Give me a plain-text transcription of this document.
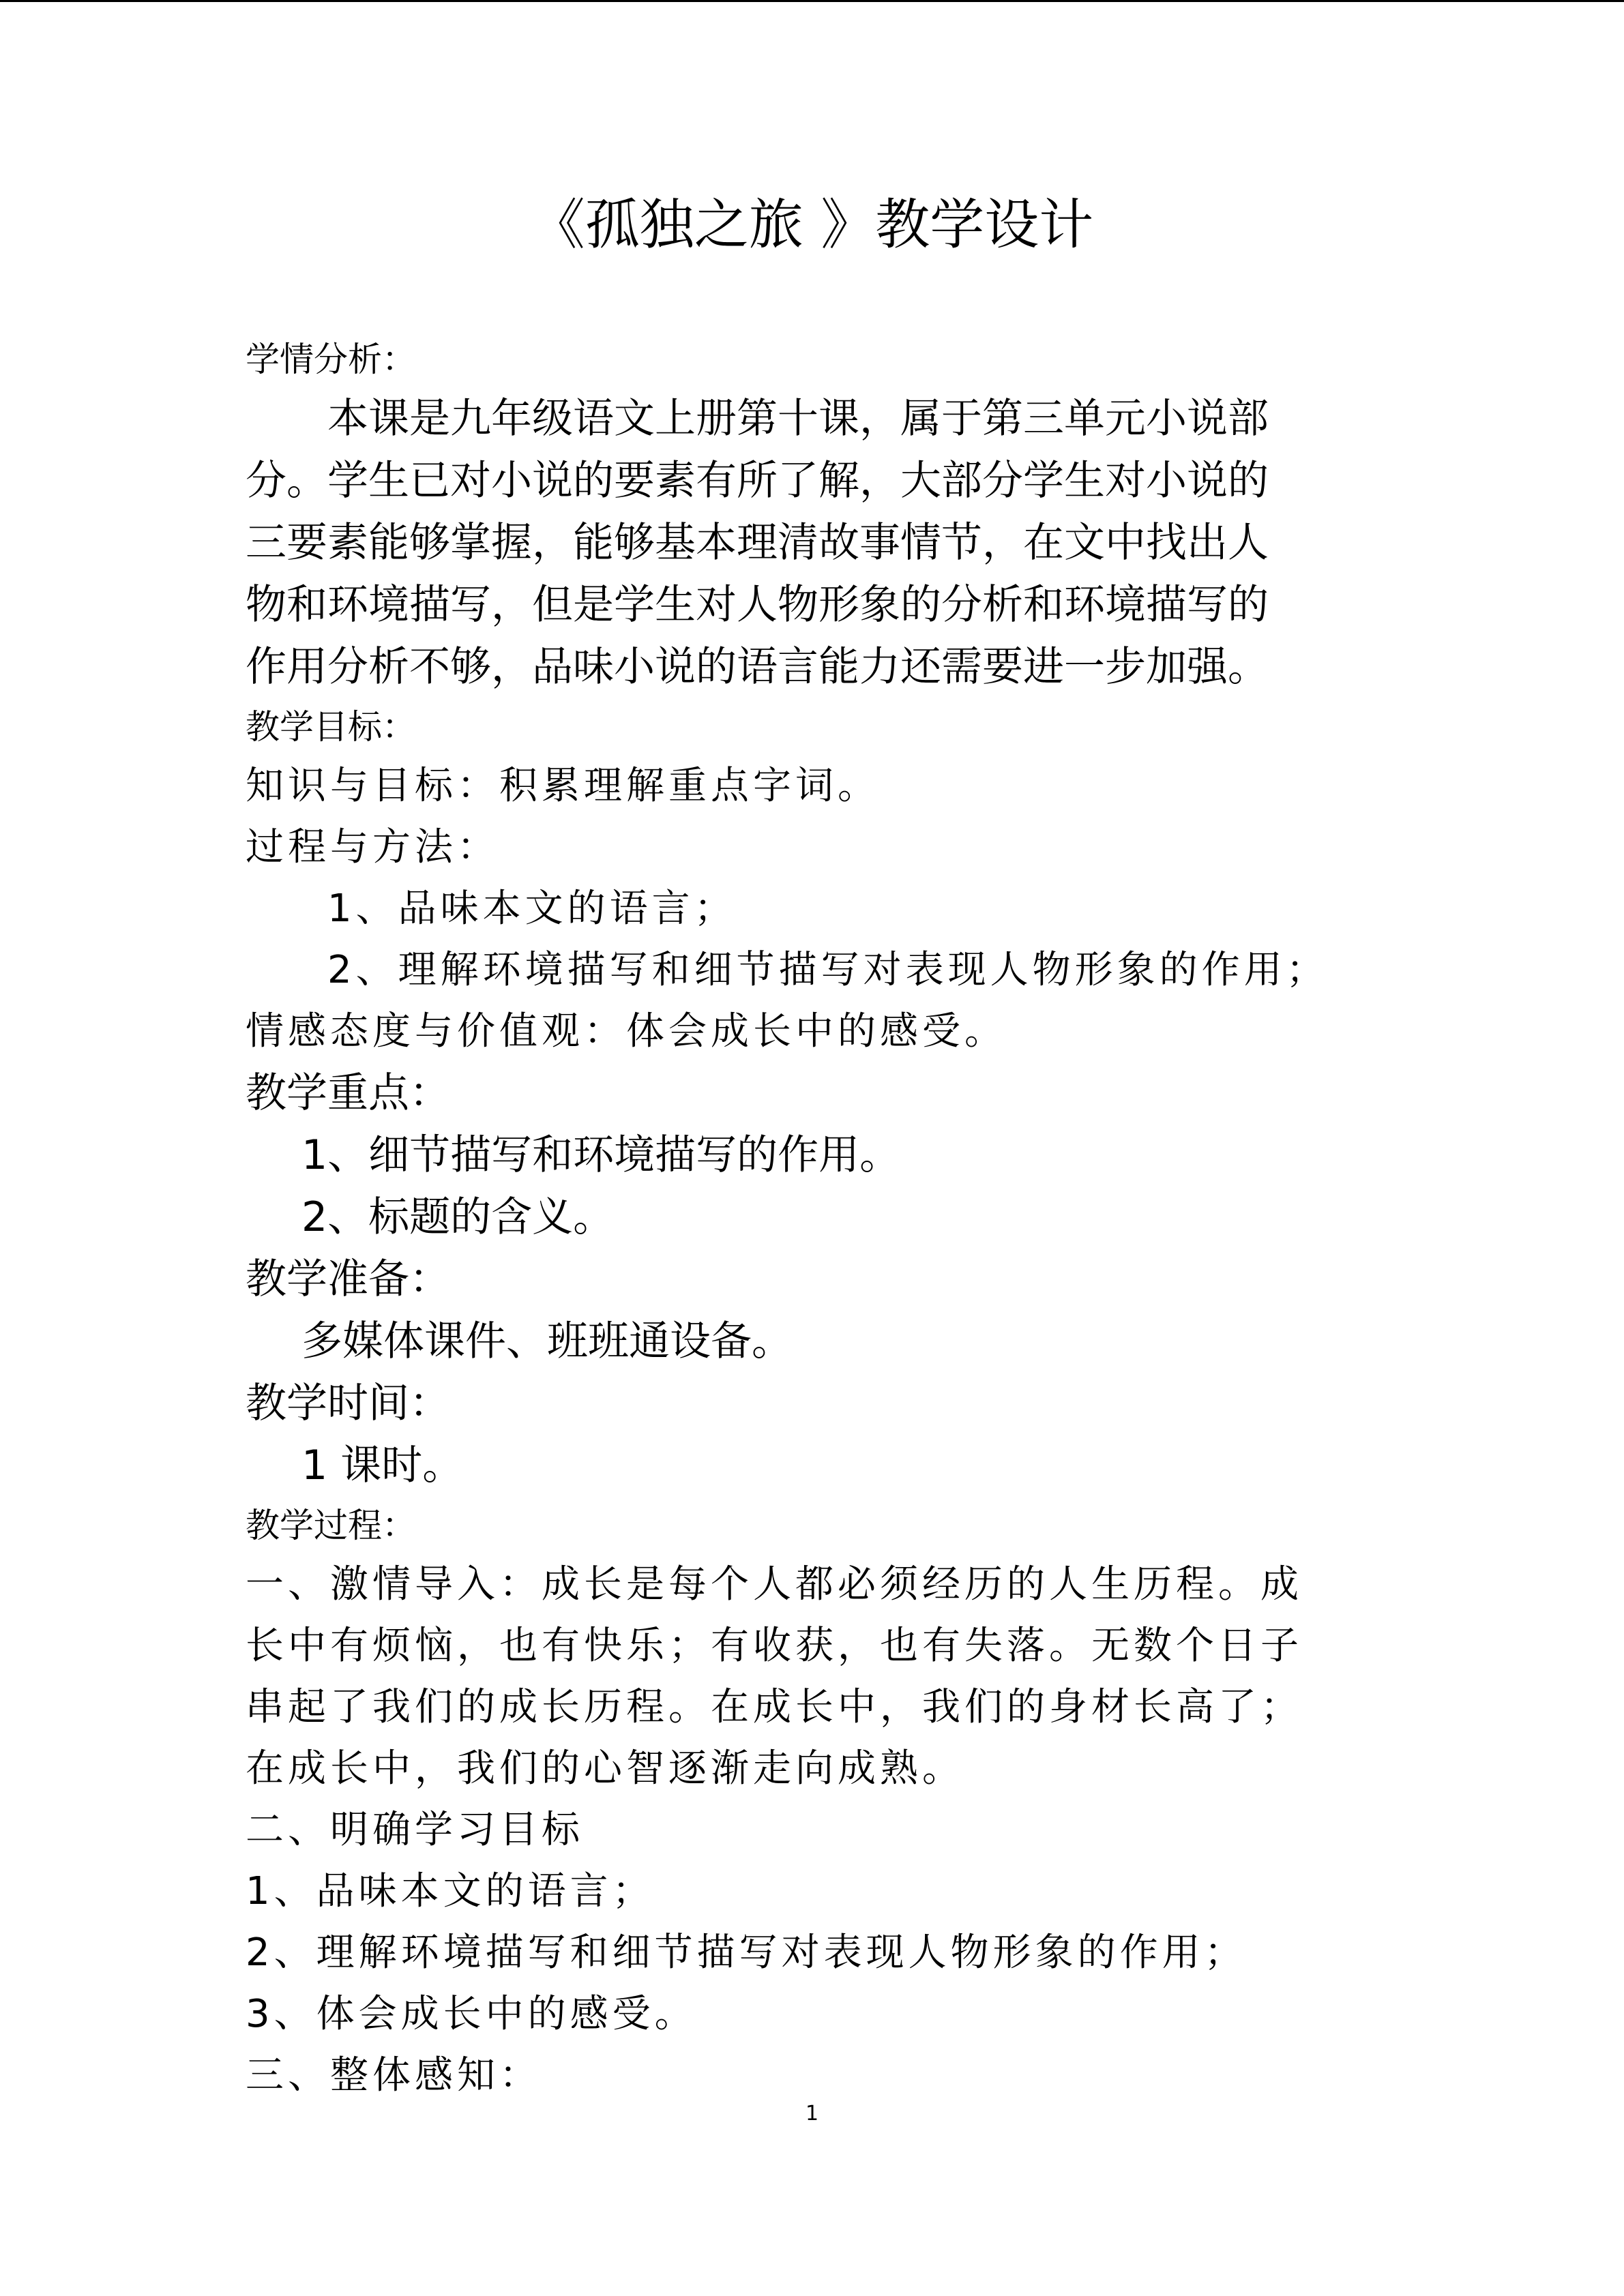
《孤独之旅 》教学设计
学情分析：
本课是九年级语文上册第十课，属于第三单元小说部
分。学生已对小说的要素有所了解，大部分学生对小说的
三要素能够掌握，能够基本理清故事情节，在文中找出人
物和环境描写，但是学生对人物形象的分析和环境描写的
作用分析不够，品味小说的语言能力还需要进一步加强。
教学目标：
知识与目标：积累理解重点字词。
过程与方法：
1、品味本文的语言；
2、理解环境描写和细节描写对表现人物形象的作用；
情感态度与价值观：体会成长中的感受。
教学重点：
1、细节描写和环境描写的作用。
2、标题的含义。
教学准备：
多媒体课件、班班通设备。
教学时间：
1 课时。
教学过程：
一、激情导入：成长是每个人都必须经历的人生历程。成
长中有烦恼，也有快乐；有收获，也有失落。无数个日子
串起了我们的成长历程。在成长中，我们的身材长高了；
在成长中，我们的心智逐渐走向成熟。
二、明确学习目标
1、品味本文的语言；
2、理解环境描写和细节描写对表现人物形象的作用；
3、体会成长中的感受。
三、整体感知：
1
